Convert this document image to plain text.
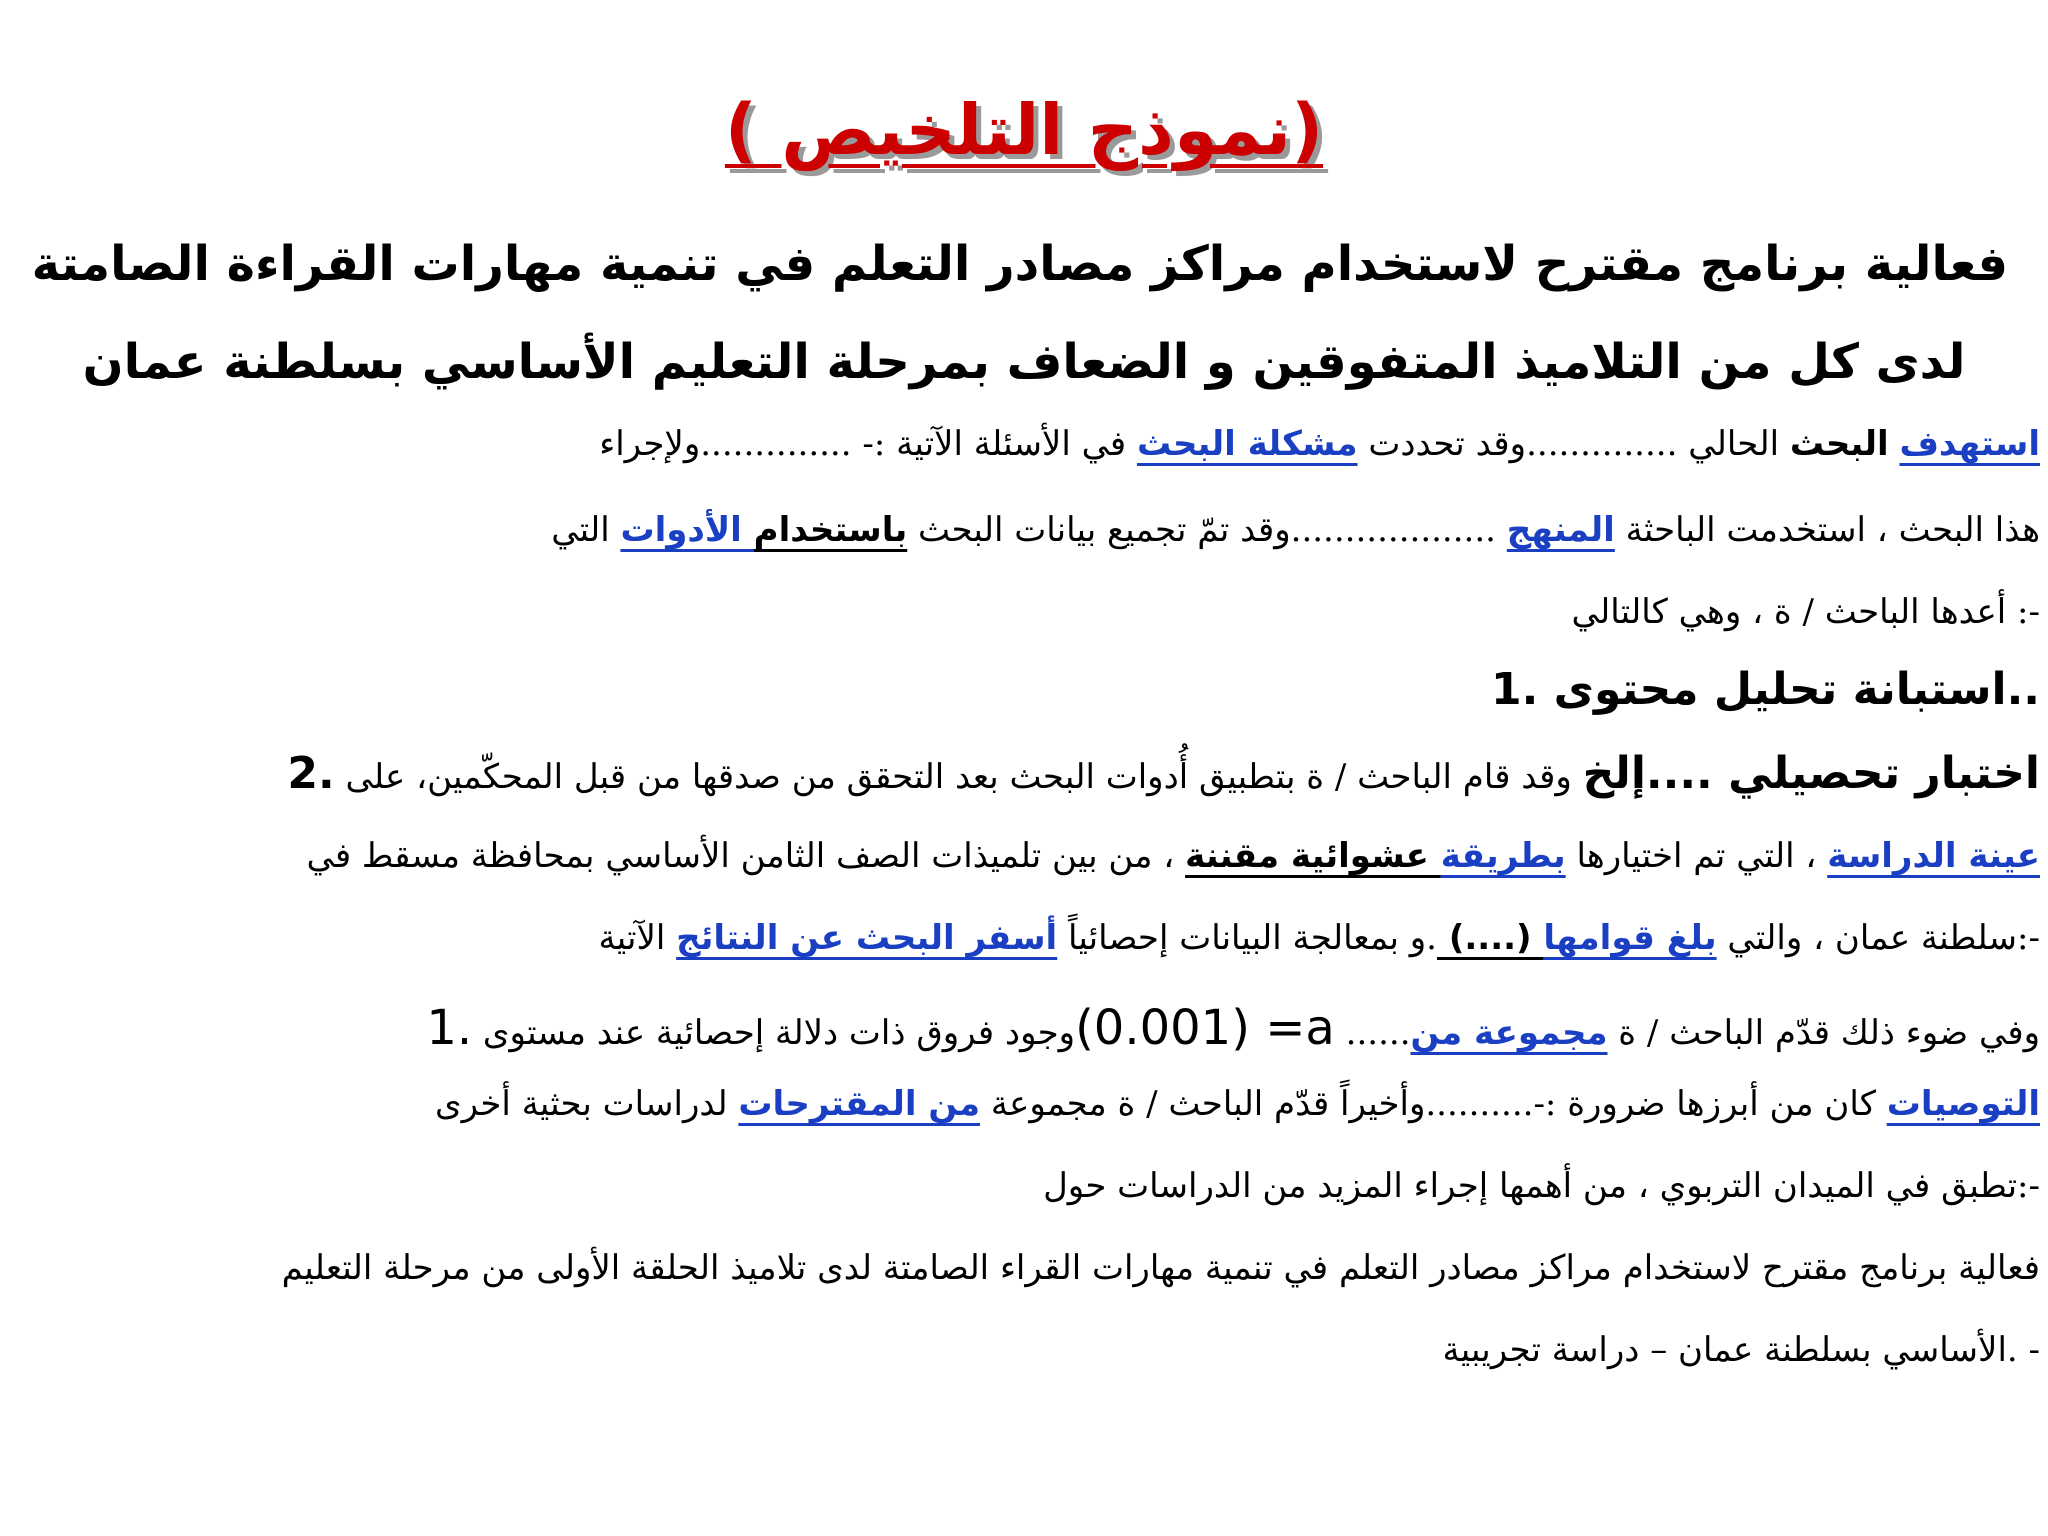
(نموذج التلخيص )
فعالية برنامج مقترح لاستخدام مراكز مصادر التعلم في تنمية مهارات القراءة الصامتة
لدى كل من التلاميذ المتفوقين و الضعاف بمرحلة التعليم الأساسي بسلطنة عمان
استهدف البحث الحالي ..............وقد تحددت مشكلة البحث في الأسئلة الآتية :- ..............ولإجراء
هذا البحث ، استخدمت الباحثة المنهج ...................وقد تمّ تجميع بيانات البحث باستخدام الأدوات التي
-: أعدها الباحث / ة ، وهي كالتالي
..استبانة تحليل محتوى .1
اختبار تحصيلي ....إلخ وقد قام الباحث / ة بتطبيق أُدوات البحث بعد التحقق من صدقها من قبل المحكّمين، على .2
عينة الدراسة ، التي تم اختيارها بطريقة عشوائية مقننة ، من بين تلميذات الصف الثامن الأساسي بمحافظة مسقط في
-:سلطنة عمان ، والتي بلغ قوامها (....) .و بمعالجة البيانات إحصائياً أسفر البحث عن النتائج الآتية
وفي ضوء ذلك قدّم الباحث / ة مجموعة من...... (0.001) =aوجود فروق ذات دلالة إحصائية عند مستوى .1
التوصيات كان من أبرزها ضرورة :-..........وأخيراً قدّم الباحث / ة مجموعة من المقترحات لدراسات بحثية أخرى
-:تطبق في الميدان التربوي ، من أهمها إجراء المزيد من الدراسات حول
فعالية برنامج مقترح لاستخدام مراكز مصادر التعلم في تنمية مهارات القراء الصامتة لدى تلاميذ الحلقة الأولى من مرحلة التعليم
- .الأساسي بسلطنة عمان – دراسة تجريبية
